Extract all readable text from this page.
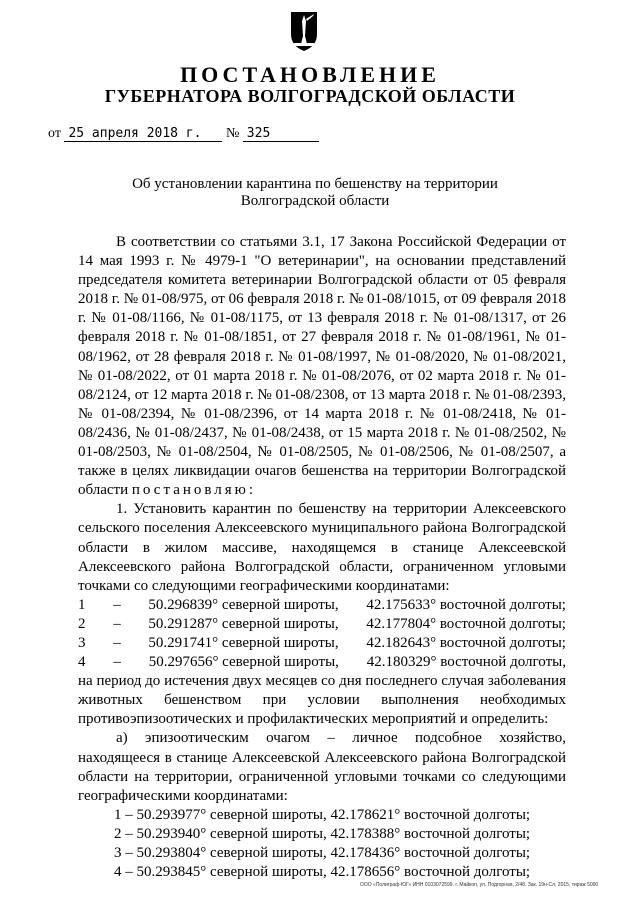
ПОСТАНОВЛЕНИЕ
ГУБЕРНАТОРА ВОЛГОГРАДСКОЙ ОБЛАСТИ
от 25 апреля 2018 г. № 325
Об установлении карантина по бешенству на территории
Волгоградской области

В соответствии со статьями 3.1, 17 Закона Российской Федерации от 14 мая 1993 г. № 4979-1 "О ветеринарии", на основании представлений председателя комитета ветеринарии Волгоградской области от 05 февраля 2018 г. № 01-08/975, от 06 февраля 2018 г. № 01-08/1015, от 09 февраля 2018 г. № 01-08/1166, № 01-08/1175, от 13 февраля 2018 г. № 01-08/1317, от 26 февраля 2018 г. № 01-08/1851, от 27 февраля 2018 г. № 01-08/1961, № 01-08/1962, от 28 февраля 2018 г. № 01-08/1997, № 01-08/2020, № 01-08/2021, № 01-08/2022, от 01 марта 2018 г. № 01-08/2076, от 02 марта 2018 г. № 01-08/2124, от 12 марта 2018 г. № 01-08/2308, от 13 марта 2018 г. № 01-08/2393, № 01-08/2394, № 01-08/2396, от 14 марта 2018 г. № 01-08/2418, № 01-08/2436, № 01-08/2437, № 01-08/2438, от 15 марта 2018 г. № 01-08/2502, № 01-08/2503, № 01-08/2504, № 01-08/2505, № 01-08/2506, № 01-08/2507, а также в целях ликвидации очагов бешенства на территории Волгоградской области постановляю:

1. Установить карантин по бешенству на территории Алексеевского сельского поселения Алексеевского муниципального района Волгоградской области в жилом массиве, находящемся в станице Алексеевской Алексеевского района Волгоградской области, ограниченном угловыми точками со следующими географическими координатами:

1 – 50.296839° северной широты, 42.175633° восточной долготы;
2 – 50.291287° северной широты, 42.177804° восточной долготы;
3 – 50.291741° северной широты, 42.182643° восточной долготы;
4 – 50.297656° северной широты, 42.180329° восточной долготы,
на период до истечения двух месяцев со дня последнего случая заболевания животных бешенством при условии выполнения необходимых противоэпизоотических и профилактических мероприятий и определить:

а) эпизоотическим очагом – личное подсобное хозяйство, находящееся в станице Алексеевской Алексеевского района Волгоградской области на территории, ограниченной угловыми точками со следующими географическими координатами:

1 – 50.293977° северной широты, 42.178621° восточной долготы;
2 – 50.293940° северной широты, 42.178388° восточной долготы;
3 – 50.293804° северной широты, 42.178436° восточной долготы;
4 – 50.293845° северной широты, 42.178656° восточной долготы;
ООО «Полиграф-ЮГ» ИНН 0103072599. г. Майкоп, ул. Подгорная, 2/48. Зак. 19н-Сл, 2015, тираж 5000
